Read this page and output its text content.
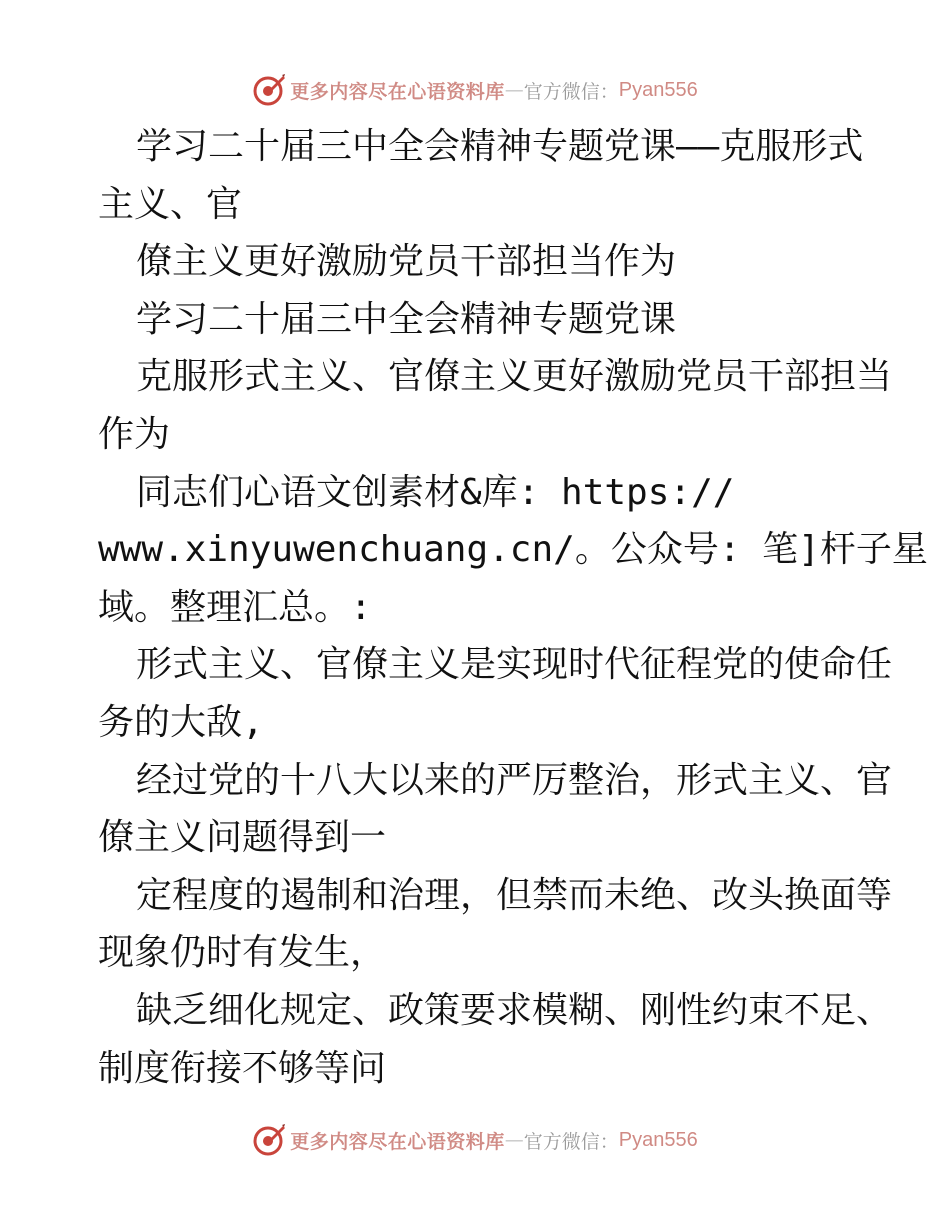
更多内容尽在心语资料库 — 官方微信： Pyan556
学习二十届三中全会精神专题党课——克服形式
主义、官
僚主义更好激励党员干部担当作为
学习二十届三中全会精神专题党课
克服形式主义、官僚主义更好激励党员干部担当
作为
同志们心语文创素材&库: https://
www.xinyuwenchuang.cn/。公众号: 笔]杆子星
域。整理汇总。:
形式主义、官僚主义是实现时代征程党的使命任
务的大敌,
经过党的十八大以来的严厉整治，形式主义、官
僚主义问题得到一
定程度的遏制和治理，但禁而未绝、改头换面等
现象仍时有发生，
缺乏细化规定、政策要求模糊、刚性约束不足、
制度衔接不够等问
更多内容尽在心语资料库 — 官方微信： Pyan556
